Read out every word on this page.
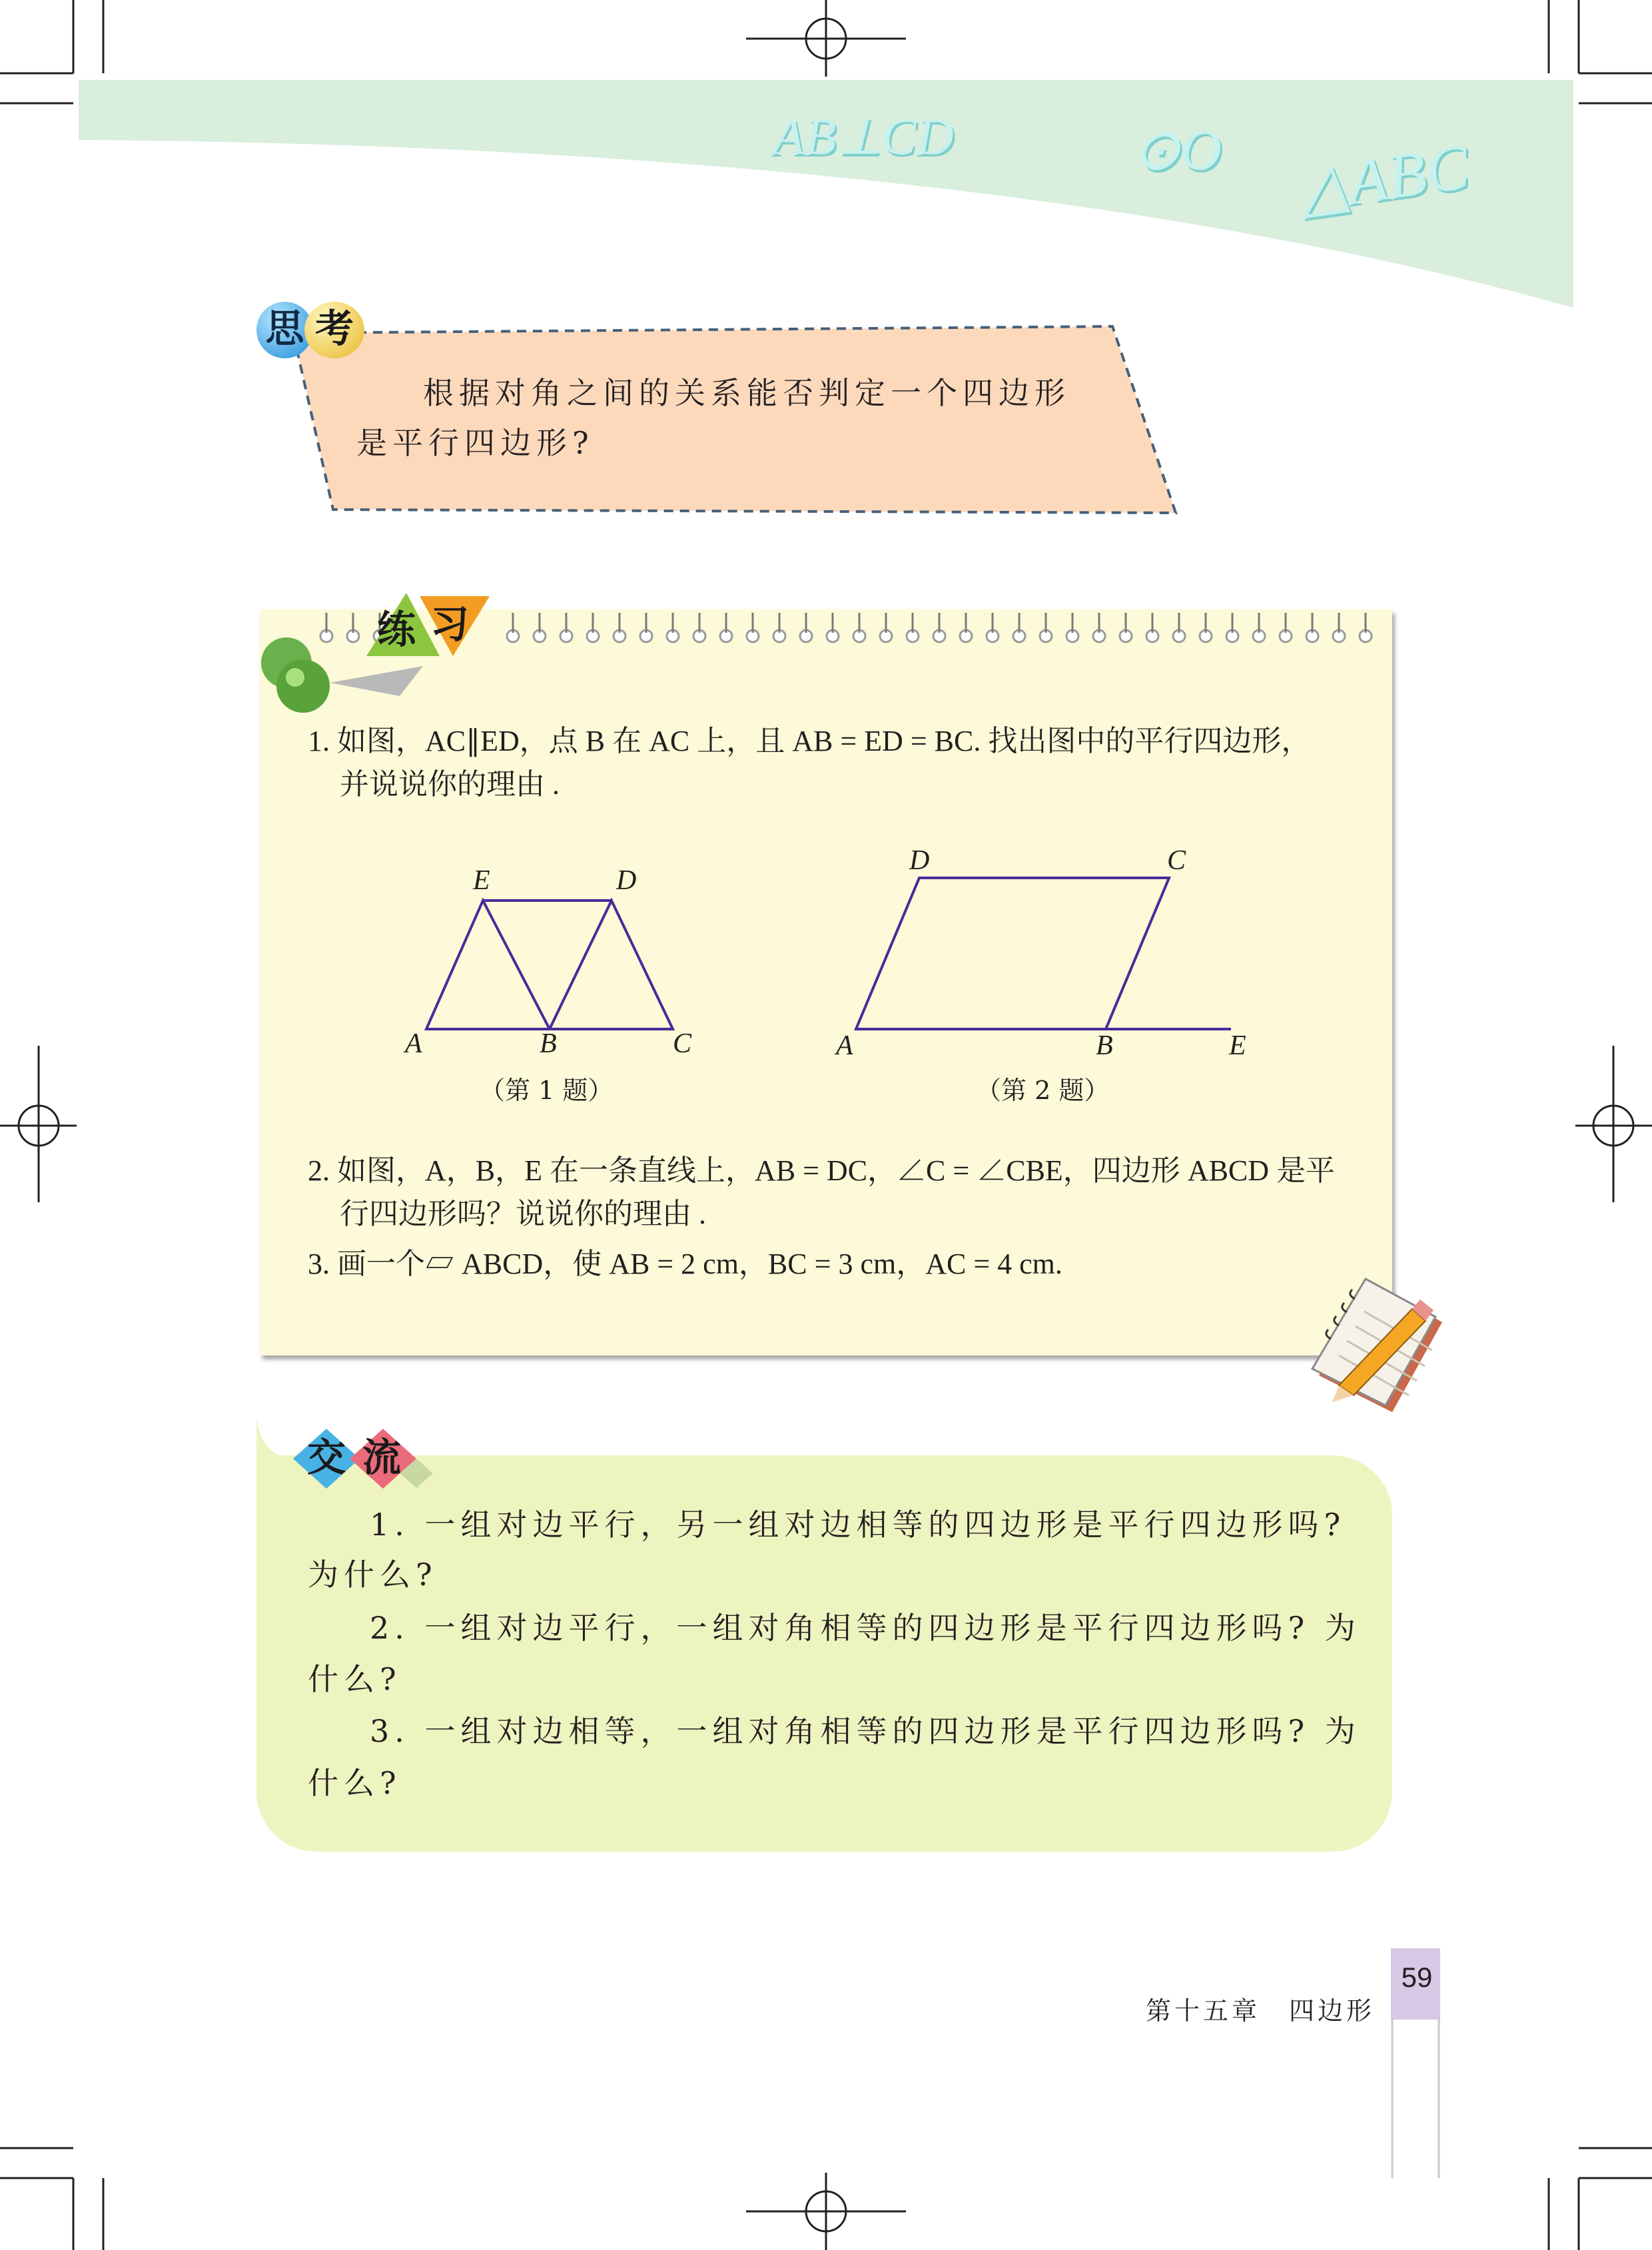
AB⊥CD	⊙O △ABC
思 考
根据对角之间的关系能否判定一个四边形
是平行四边形?
练 习
1. 如图，AC∥ED，点 B 在 AC 上，且 AB = ED = BC. 找出图中的平行四边形，
并说说你的理由 .
E	D
A	B	C
（第 1 题）
D	C
A	B	E
（第 2 题）
2. 如图，A，B，E 在一条直线上，AB = DC，∠C = ∠CBE，四边形 ABCD 是平
行四边形吗？说说你的理由 .
3. 画一个▱ ABCD，使 AB = 2 cm，BC = 3 cm，AC = 4 cm.
交 流
1. 一组对边平行，另一组对边相等的四边形是平行四边形吗?
为什么?
2. 一组对边平行，一组对角相等的四边形是平行四边形吗? 为
什么?
3. 一组对边相等，一组对角相等的四边形是平行四边形吗? 为
什么?
59
第十五章　四边形
